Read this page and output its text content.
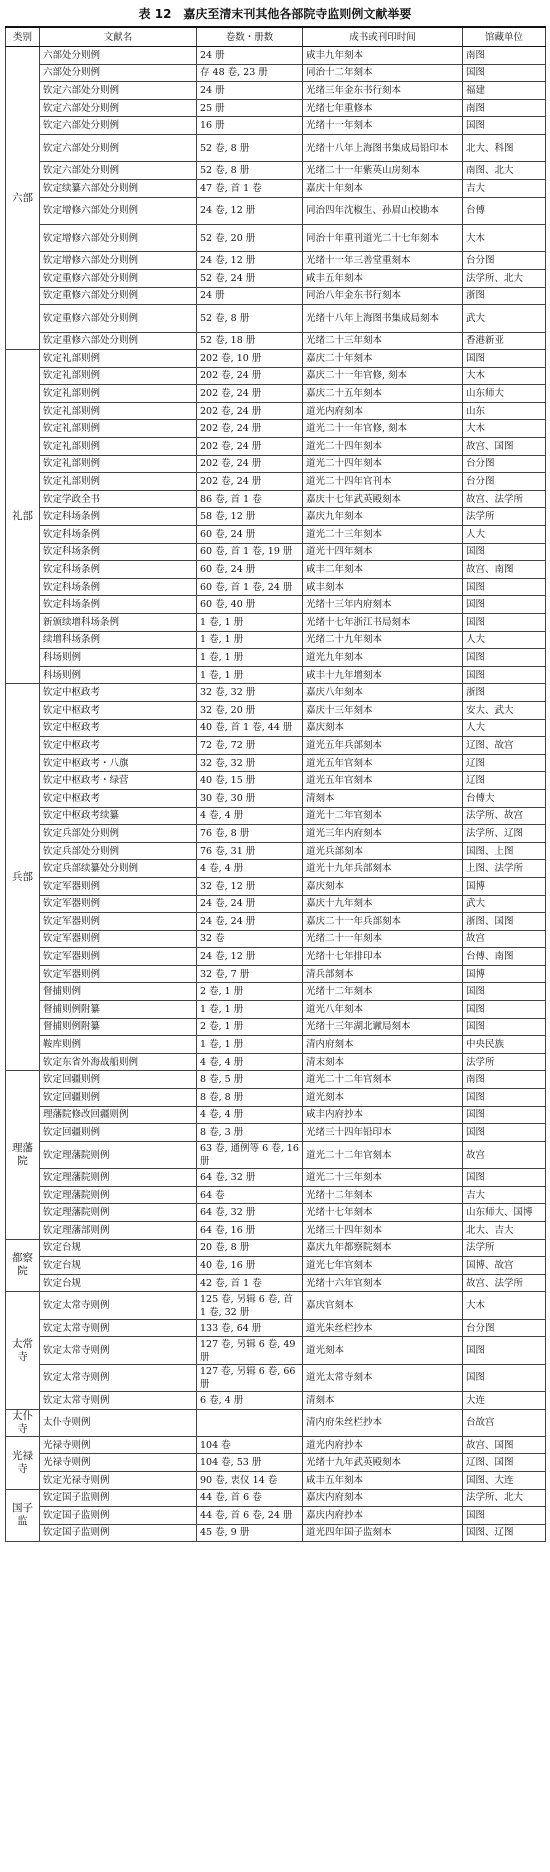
表 12　嘉庆至清末刊其他各部院寺监则例文献举要
类别	文献名	卷数・册数	成书或刊印时间	馆藏单位
六部	六部处分则例	24 册	咸丰九年刻本	南图
	六部处分则例	存 48 卷, 23 册	同治十二年刻本	国图
	钦定六部处分则例	24 册	光绪三年金东书行刻本	福建
	钦定六部处分则例	25 册	光绪七年重修本	南图
	钦定六部处分则例	16 册	光绪十一年刻本	国图
	钦定六部处分则例	52 卷, 8 册	光绪十八年上海图书集成局铅印本	北大、科图
	钦定六部处分则例	52 卷, 8 册	光绪二十一年紫英山房刻本	南图、北大
	钦定续纂六部处分则例	47 卷, 首 1 卷	嘉庆十年刻本	吉大
	钦定增修六部处分则例	24 卷, 12 册	同治四年沈椒生、孙眉山校勘本	台傅
	钦定增修六部处分则例	52 卷, 20 册	同治十年重刊道光二十七年刻本	大木
	钦定增修六部处分则例	24 卷, 12 册	光绪十一年三善堂重刻本	台分图
	钦定重修六部处分则例	52 卷, 24 册	咸丰五年刻本	法学所、北大
	钦定重修六部处分则例	24 册	同治八年金东书行刻本	浙图
	钦定重修六部处分则例	52 卷, 8 册	光绪十八年上海图书集成局刻本	武大
	钦定重修六部处分则例	52 卷, 18 册	光绪二十三年刻本	香港新亚
礼部	钦定礼部则例	202 卷, 10 册	嘉庆二十年刻本	国图
	钦定礼部则例	202 卷, 24 册	嘉庆二十一年官修, 刻本	大木
	钦定礼部则例	202 卷, 24 册	嘉庆二十五年刻本	山东师大
	钦定礼部则例	202 卷, 24 册	道光内府刻本	山东
	钦定礼部则例	202 卷, 24 册	道光二十一年官修, 刻本	大木
	钦定礼部则例	202 卷, 24 册	道光二十四年刻本	故宫、国图
	钦定礼部则例	202 卷, 24 册	道光二十四年刻本	台分图
	钦定礼部则例	202 卷, 24 册	道光二十四年官刊本	台分图
	钦定学政全书	86 卷, 首 1 卷	嘉庆十七年武英殿刻本	故宫、法学所
	钦定科场条例	58 卷, 12 册	嘉庆九年刻本	法学所
	钦定科场条例	60 卷, 24 册	道光二十三年刻本	人大
	钦定科场条例	60 卷, 首 1 卷, 19 册	道光十四年刻本	国图
	钦定科场条例	60 卷, 24 册	咸丰二年刻本	故宫、南图
	钦定科场条例	60 卷, 首 1 卷, 24 册	咸丰刻本	国图
	钦定科场条例	60 卷, 40 册	光绪十三年内府刻本	国图
	新颁续增科场条例	1 卷, 1 册	光绪十七年浙江书局刻本	国图
	续增科场条例	1 卷, 1 册	光绪二十九年刻本	人大
	科场则例	1 卷, 1 册	道光九年刻本	国图
	科场则例	1 卷, 1 册	咸丰十九年增刻本	国图
兵部	钦定中枢政考	32 卷, 32 册	嘉庆八年刻本	浙图
	钦定中枢政考	32 卷, 20 册	嘉庆十三年刻本	安大、武大
	钦定中枢政考	40 卷, 首 1 卷, 44 册	嘉庆刻本	人大
	钦定中枢政考	72 卷, 72 册	道光五年兵部刻本	辽图、故宫
	钦定中枢政考・八旗	32 卷, 32 册	道光五年官刻本	辽图
	钦定中枢政考・绿营	40 卷, 15 册	道光五年官刻本	辽图
	钦定中枢政考	30 卷, 30 册	清刻本	台傅大
	钦定中枢政考续纂	4 卷, 4 册	道光十二年官刻本	法学所、故宫
	钦定兵部处分则例	76 卷, 8 册	道光三年内府刻本	法学所、辽图
	钦定兵部处分则例	76 卷, 31 册	道光兵部刻本	国图、上图
	钦定兵部续纂处分则例	4 卷, 4 册	道光十九年兵部刻本	上图、法学所
	钦定军器则例	32 卷, 12 册	嘉庆刻本	国博
	钦定军器则例	24 卷, 24 册	嘉庆十九年刻本	武大
	钦定军器则例	24 卷, 24 册	嘉庆二十一年兵部刻本	浙图、国图
	钦定军器则例	32 卷	光绪二十一年刻本	故宫
	钦定军器则例	24 卷, 12 册	光绪十七年排印本	台傅、南图
	钦定军器则例	32 卷, 7 册	清兵部刻本	国博
	督捕则例	2 卷, 1 册	光绪十二年刻本	国图
	督捕则例附纂	1 卷, 1 册	道光八年刻本	国图
	督捕则例附纂	2 卷, 1 册	光绪十三年湖北谳局刻本	国图
	鞍库则例	1 卷, 1 册	清内府刻本	中央民族
	钦定东省外海战船则例	4 卷, 4 册	清末刻本	法学所
理藩院	钦定回疆则例	8 卷, 5 册	道光二十二年官刻本	南图
	钦定回疆则例	8 卷, 8 册	道光刻本	国图
	理藩院修改回疆则例	4 卷, 4 册	咸丰内府抄本	国图
	钦定回疆则例	8 卷, 3 册	光绪三十四年铅印本	国图
	钦定理藩院则例	63 卷, 通例等 6 卷, 16 册	道光二十二年官刻本	故宫
	钦定理藩院则例	64 卷, 32 册	道光二十三年刻本	国图
	钦定理藩院则例	64 卷	光绪十二年刻本	吉大
	钦定理藩院则例	64 卷, 32 册	光绪十七年刻本	山东师大、国博
	钦定理藩部则例	64 卷, 16 册	光绪三十四年刻本	北大、吉大
都察院	钦定台规	20 卷, 8 册	嘉庆九年都察院刻本	法学所
	钦定台规	40 卷, 16 册	道光七年官刻本	国博、故宫
	钦定台规	42 卷, 首 1 卷	光绪十六年官刻本	故宫、法学所
太常寺	钦定太常寺则例	125 卷, 另辑 6 卷, 首 1 卷, 32 册	嘉庆官刻本	大木
	钦定太常寺则例	133 卷, 64 册	道光朱丝栏抄本	台分图
	钦定太常寺则例	127 卷, 另辑 6 卷, 49 册	道光刻本	国图
	钦定太常寺则例	127 卷, 另辑 6 卷, 66 册	道光太常寺刻本	国图
	钦定太常寺则例	6 卷, 4 册	清刻本	大连
太仆寺	太仆寺则例		清内府朱丝栏抄本	台故宫
光禄寺	光禄寺则例	104 卷	道光内府抄本	故宫、国图
	光禄寺则例	104 卷, 53 册	光绪十九年武英殿刻本	辽图、国图
	钦定光禄寺则例	90 卷, 衷仪 14 卷	咸丰五年刻本	国图、大连
国子监	钦定国子监则例	44 卷, 首 6 卷	嘉庆内府刻本	法学所、北大
	钦定国子监则例	44 卷, 首 6 卷, 24 册	嘉庆内府抄本	国图
	钦定国子监则例	45 卷, 9 册	道光四年国子监刻本	国图、辽图
